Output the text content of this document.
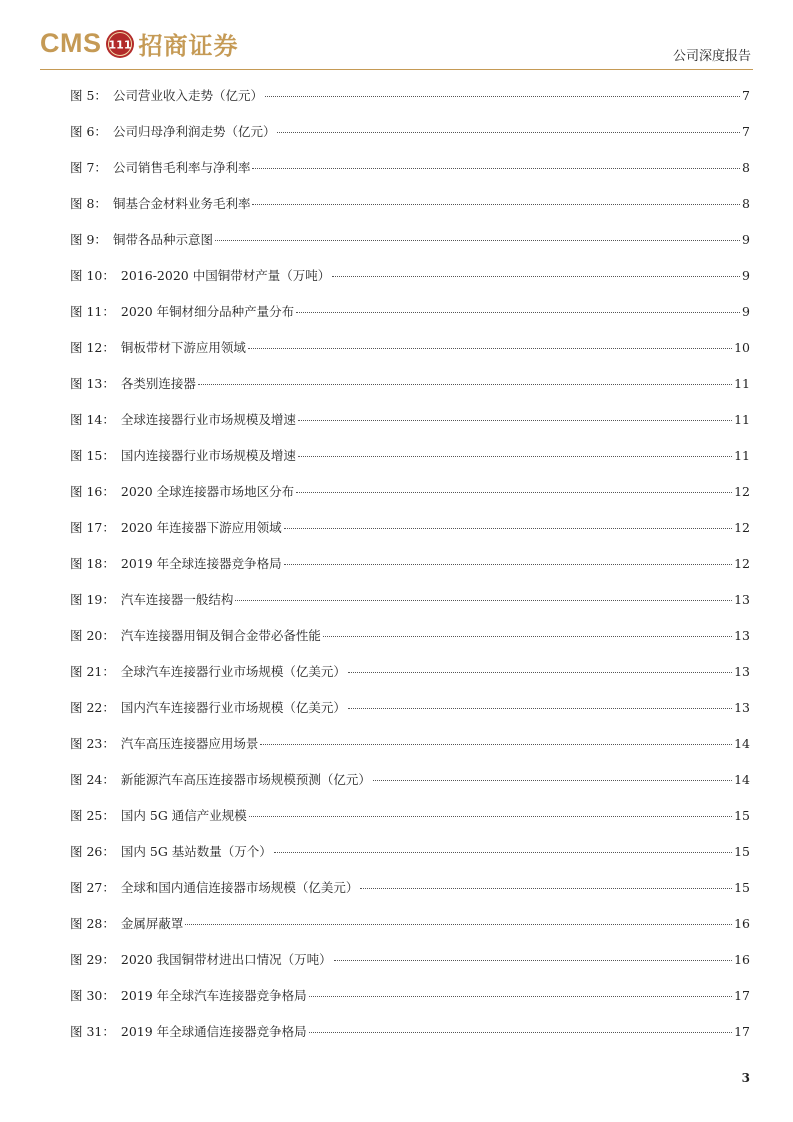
CMS 111 招商证券	公司深度报告
图 5： 公司营业收入走势（亿元）	7
图 6： 公司归母净利润走势（亿元）	7
图 7： 公司销售毛利率与净利率	8
图 8： 铜基合金材料业务毛利率	8
图 9： 铜带各品种示意图	9
图 10： 2016-2020 中国铜带材产量（万吨）	9
图 11： 2020 年铜材细分品种产量分布	9
图 12： 铜板带材下游应用领域	10
图 13： 各类别连接器	11
图 14： 全球连接器行业市场规模及增速	11
图 15： 国内连接器行业市场规模及增速	11
图 16： 2020 全球连接器市场地区分布	12
图 17： 2020 年连接器下游应用领域	12
图 18： 2019 年全球连接器竞争格局	12
图 19： 汽车连接器一般结构	13
图 20： 汽车连接器用铜及铜合金带必备性能	13
图 21： 全球汽车连接器行业市场规模（亿美元）	13
图 22： 国内汽车连接器行业市场规模（亿美元）	13
图 23： 汽车高压连接器应用场景	14
图 24： 新能源汽车高压连接器市场规模预测（亿元）	14
图 25： 国内 5G 通信产业规模	15
图 26： 国内 5G 基站数量（万个）	15
图 27： 全球和国内通信连接器市场规模（亿美元）	15
图 28： 金属屏蔽罩	16
图 29： 2020 我国铜带材进出口情况（万吨）	16
图 30： 2019 年全球汽车连接器竞争格局	17
图 31： 2019 年全球通信连接器竞争格局	17
3
